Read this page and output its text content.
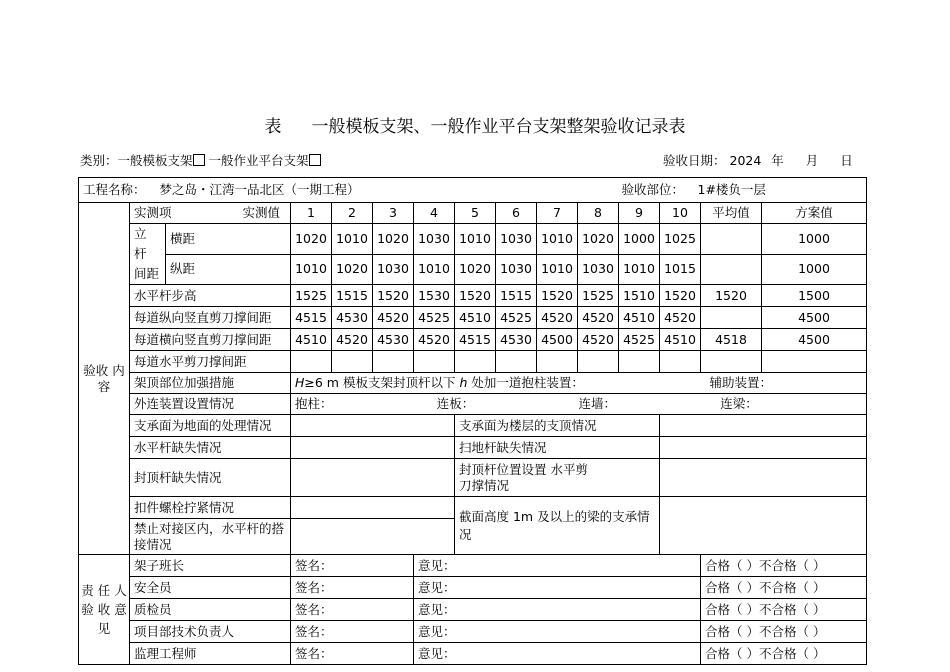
表 一般模板支架、一般作业平台支架整架验收记录表
类别：一般模板支架 一般作业平台支架	验收日期： 2024 年 月 日
工程名称： 梦之岛・江湾一品北区（一期工程） 验收部位： 1#楼负一层														

验收 内容	实测项 实测值		1	2	3	4	5	6	7	8	9	10	平均值	方案值
	立 杆 间距	横距	1020	1010	1020	1030	1010	1030	1010	1020	1000	1025		1000
		纵距	1010	1020	1030	1010	1020	1030	1010	1030	1010	1015		1000
	水平杆步高		1525	1515	1520	1530	1520	1515	1520	1525	1510	1520	1520	1500
	每道纵向竖直剪刀撑间距		4515	4530	4520	4525	4510	4525	4520	4520	4510	4520		4500
	每道横向竖直剪刀撑间距		4510	4520	4530	4520	4515	4530	4500	4520	4525	4510	4518	4500
	每道水平剪刀撑间距													
	架顶部位加强措施		H≥6 m 模板支架封顶杆以下 h 处加一道抱柱装置： 辅助装置：											

	外连装置设置情况		抱柱： 连板： 连墙： 连梁：											

	支承面为地面的处理情况						支承面为楼层的支顶情况							
	水平杆缺失情况						扫地杆缺失情况							
	封顶杆缺失情况						封顶杆位置设置 水平剪刀撑情况							
	扣件螺栓拧紧情况						截面高度 1m 及以上的梁的支承情况							
	禁止对接区内，水平杆的搭接情况													
责 任 人 验 收 意 见	架子班长		签名：			意见：							合格（ ）不合格（ ）	
	安全员		签名：			意见：							合格（ ）不合格（ ）	
	质检员		签名：			意见：							合格（ ）不合格（ ）	
	项目部技术负责人		签名：			意见：							合格（ ）不合格（ ）	
	监理工程师		签名：			意见：							合格（ ）不合格（ ）	
